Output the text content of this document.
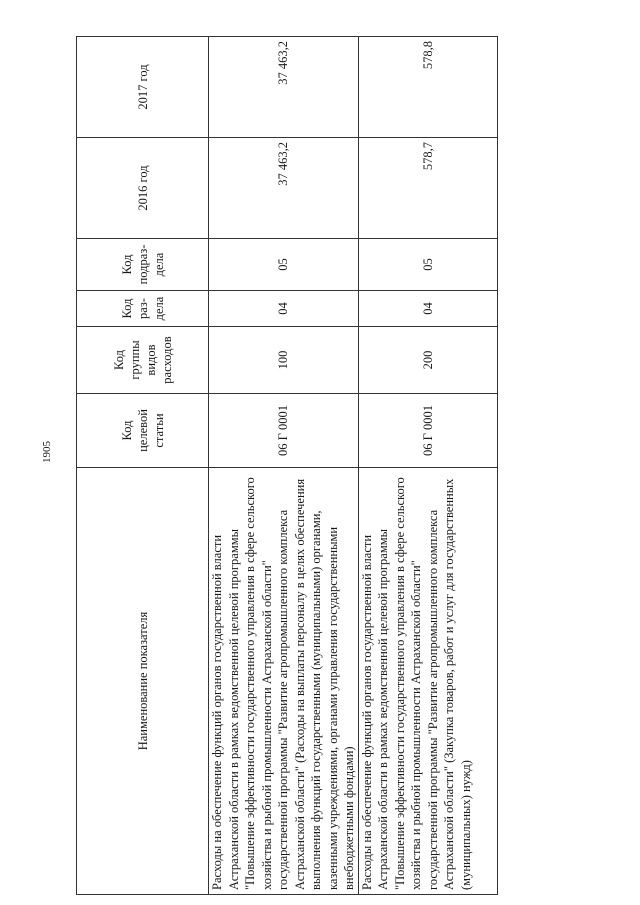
1905
Наименование показателя	Код целевой статьи	Код группы видов расходов	Код раз-дела	Код подраз-дела	2016 год	2017 год
Расходы на обеспечение функций органов государственной власти Астраханской области в рамках ведомственной целевой программы "Повышение эффективности государственного управления в сфере сельского хозяйства и рыбной промышленности Астраханской области" государственной программы "Развитие агропромышленного комплекса Астраханской области" (Расходы на выплаты персоналу в целях обеспечения выполнения функций государственными (муниципальными) органами, казенными учреждениями, органами управления государственными внебюджетными фондами)	06 Г 0001	100	04	05	37 463,2	37 463,2
Расходы на обеспечение функций органов государственной власти Астраханской области в рамках ведомственной целевой программы "Повышение эффективности государственного управления в сфере сельского хозяйства и рыбной промышленности Астраханской области" государственной программы "Развитие агропромышленного комплекса Астраханской области" (Закупка товаров, работ и услуг для государственных (муниципальных) нужд)	06 Г 0001	200	04	05	578,7	578,8
